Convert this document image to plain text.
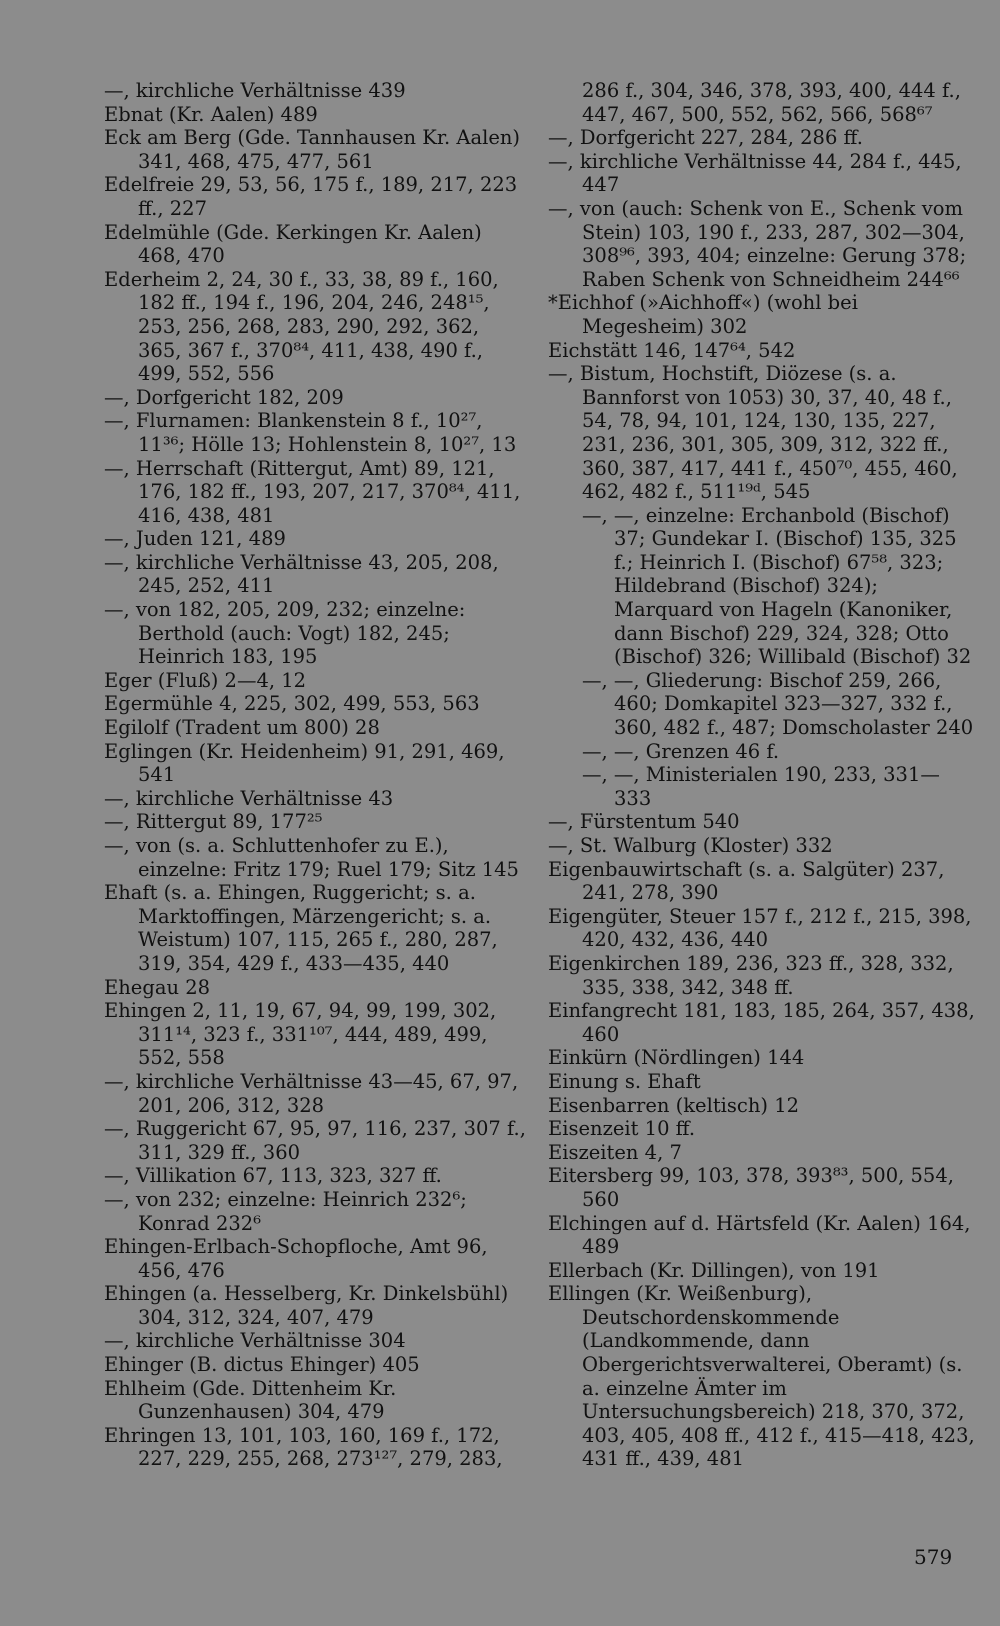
—, kirchliche Verhältnisse 439
Ebnat (Kr. Aalen) 489
Eck am Berg (Gde. Tannhausen Kr. Aalen) 341, 468, 475, 477, 561
Edelfreie 29, 53, 56, 175 f., 189, 217, 223 ff., 227
Edelmühle (Gde. Kerkingen Kr. Aalen) 468, 470
Ederheim 2, 24, 30 f., 33, 38, 89 f., 160, 182 ff., 194 f., 196, 204, 246, 248¹⁵, 253, 256, 268, 283, 290, 292, 362, 365, 367 f., 370⁸⁴, 411, 438, 490 f., 499, 552, 556
—, Dorfgericht 182, 209
—, Flurnamen: Blankenstein 8 f., 10²⁷, 11³⁶; Hölle 13; Hohlenstein 8, 10²⁷, 13
—, Herrschaft (Rittergut, Amt) 89, 121, 176, 182 ff., 193, 207, 217, 370⁸⁴, 411, 416, 438, 481
—, Juden 121, 489
—, kirchliche Verhältnisse 43, 205, 208, 245, 252, 411
—, von 182, 205, 209, 232; einzelne: Berthold (auch: Vogt) 182, 245; Heinrich 183, 195
Eger (Fluß) 2—4, 12
Egermühle 4, 225, 302, 499, 553, 563
Egilolf (Tradent um 800) 28
Eglingen (Kr. Heidenheim) 91, 291, 469, 541
—, kirchliche Verhältnisse 43
—, Rittergut 89, 177²⁵
—, von (s. a. Schluttenhofer zu E.), einzelne: Fritz 179; Ruel 179; Sitz 145
Ehaft (s. a. Ehingen, Ruggericht; s. a. Marktoffingen, Märzengericht; s. a. Weistum) 107, 115, 265 f., 280, 287, 319, 354, 429 f., 433—435, 440
Ehegau 28
Ehingen 2, 11, 19, 67, 94, 99, 199, 302, 311¹⁴, 323 f., 331¹⁰⁷, 444, 489, 499, 552, 558
—, kirchliche Verhältnisse 43—45, 67, 97, 201, 206, 312, 328
—, Ruggericht 67, 95, 97, 116, 237, 307 f., 311, 329 ff., 360
—, Villikation 67, 113, 323, 327 ff.
—, von 232; einzelne: Heinrich 232⁶; Konrad 232⁶
Ehingen-Erlbach-Schopfloche, Amt 96, 456, 476
Ehingen (a. Hesselberg, Kr. Dinkelsbühl) 304, 312, 324, 407, 479
—, kirchliche Verhältnisse 304
Ehinger (B. dictus Ehinger) 405
Ehlheim (Gde. Dittenheim Kr. Gunzenhausen) 304, 479
Ehringen 13, 101, 103, 160, 169 f., 172, 227, 229, 255, 268, 273¹²⁷, 279, 283,
286 f., 304, 346, 378, 393, 400, 444 f., 447, 467, 500, 552, 562, 566, 568⁶⁷
—, Dorfgericht 227, 284, 286 ff.
—, kirchliche Verhältnisse 44, 284 f., 445, 447
—, von (auch: Schenk von E., Schenk vom Stein) 103, 190 f., 233, 287, 302—304, 308⁹⁶, 393, 404; einzelne: Gerung 378; Raben Schenk von Schneidheim 244⁶⁶
*Eichhof (»Aichhoff«) (wohl bei Megesheim) 302
Eichstätt 146, 147⁶⁴, 542
—, Bistum, Hochstift, Diözese (s. a. Bannforst von 1053) 30, 37, 40, 48 f., 54, 78, 94, 101, 124, 130, 135, 227, 231, 236, 301, 305, 309, 312, 322 ff., 360, 387, 417, 441 f., 450⁷⁰, 455, 460, 462, 482 f., 511¹⁹ᵈ, 545
—, —, einzelne: Erchanbold (Bischof) 37; Gundekar I. (Bischof) 135, 325 f.; Heinrich I. (Bischof) 67⁵⁸, 323; Hildebrand (Bischof) 324); Marquard von Hageln (Kanoniker, dann Bischof) 229, 324, 328; Otto (Bischof) 326; Willibald (Bischof) 32
—, —, Gliederung: Bischof 259, 266, 460; Domkapitel 323—327, 332 f., 360, 482 f., 487; Domscholaster 240
—, —, Grenzen 46 f.
—, —, Ministerialen 190, 233, 331—333
—, Fürstentum 540
—, St. Walburg (Kloster) 332
Eigenbauwirtschaft (s. a. Salgüter) 237, 241, 278, 390
Eigengüter, Steuer 157 f., 212 f., 215, 398, 420, 432, 436, 440
Eigenkirchen 189, 236, 323 ff., 328, 332, 335, 338, 342, 348 ff.
Einfangrecht 181, 183, 185, 264, 357, 438, 460
Einkürn (Nördlingen) 144
Einung s. Ehaft
Eisenbarren (keltisch) 12
Eisenzeit 10 ff.
Eiszeiten 4, 7
Eitersberg 99, 103, 378, 393⁸³, 500, 554, 560
Elchingen auf d. Härtsfeld (Kr. Aalen) 164, 489
Ellerbach (Kr. Dillingen), von 191
Ellingen (Kr. Weißenburg), Deutschordenskommende (Landkommende, dann Obergerichtsverwalterei, Oberamt) (s. a. einzelne Ämter im Untersuchungsbereich) 218, 370, 372, 403, 405, 408 ff., 412 f., 415—418, 423, 431 ff., 439, 481
579
